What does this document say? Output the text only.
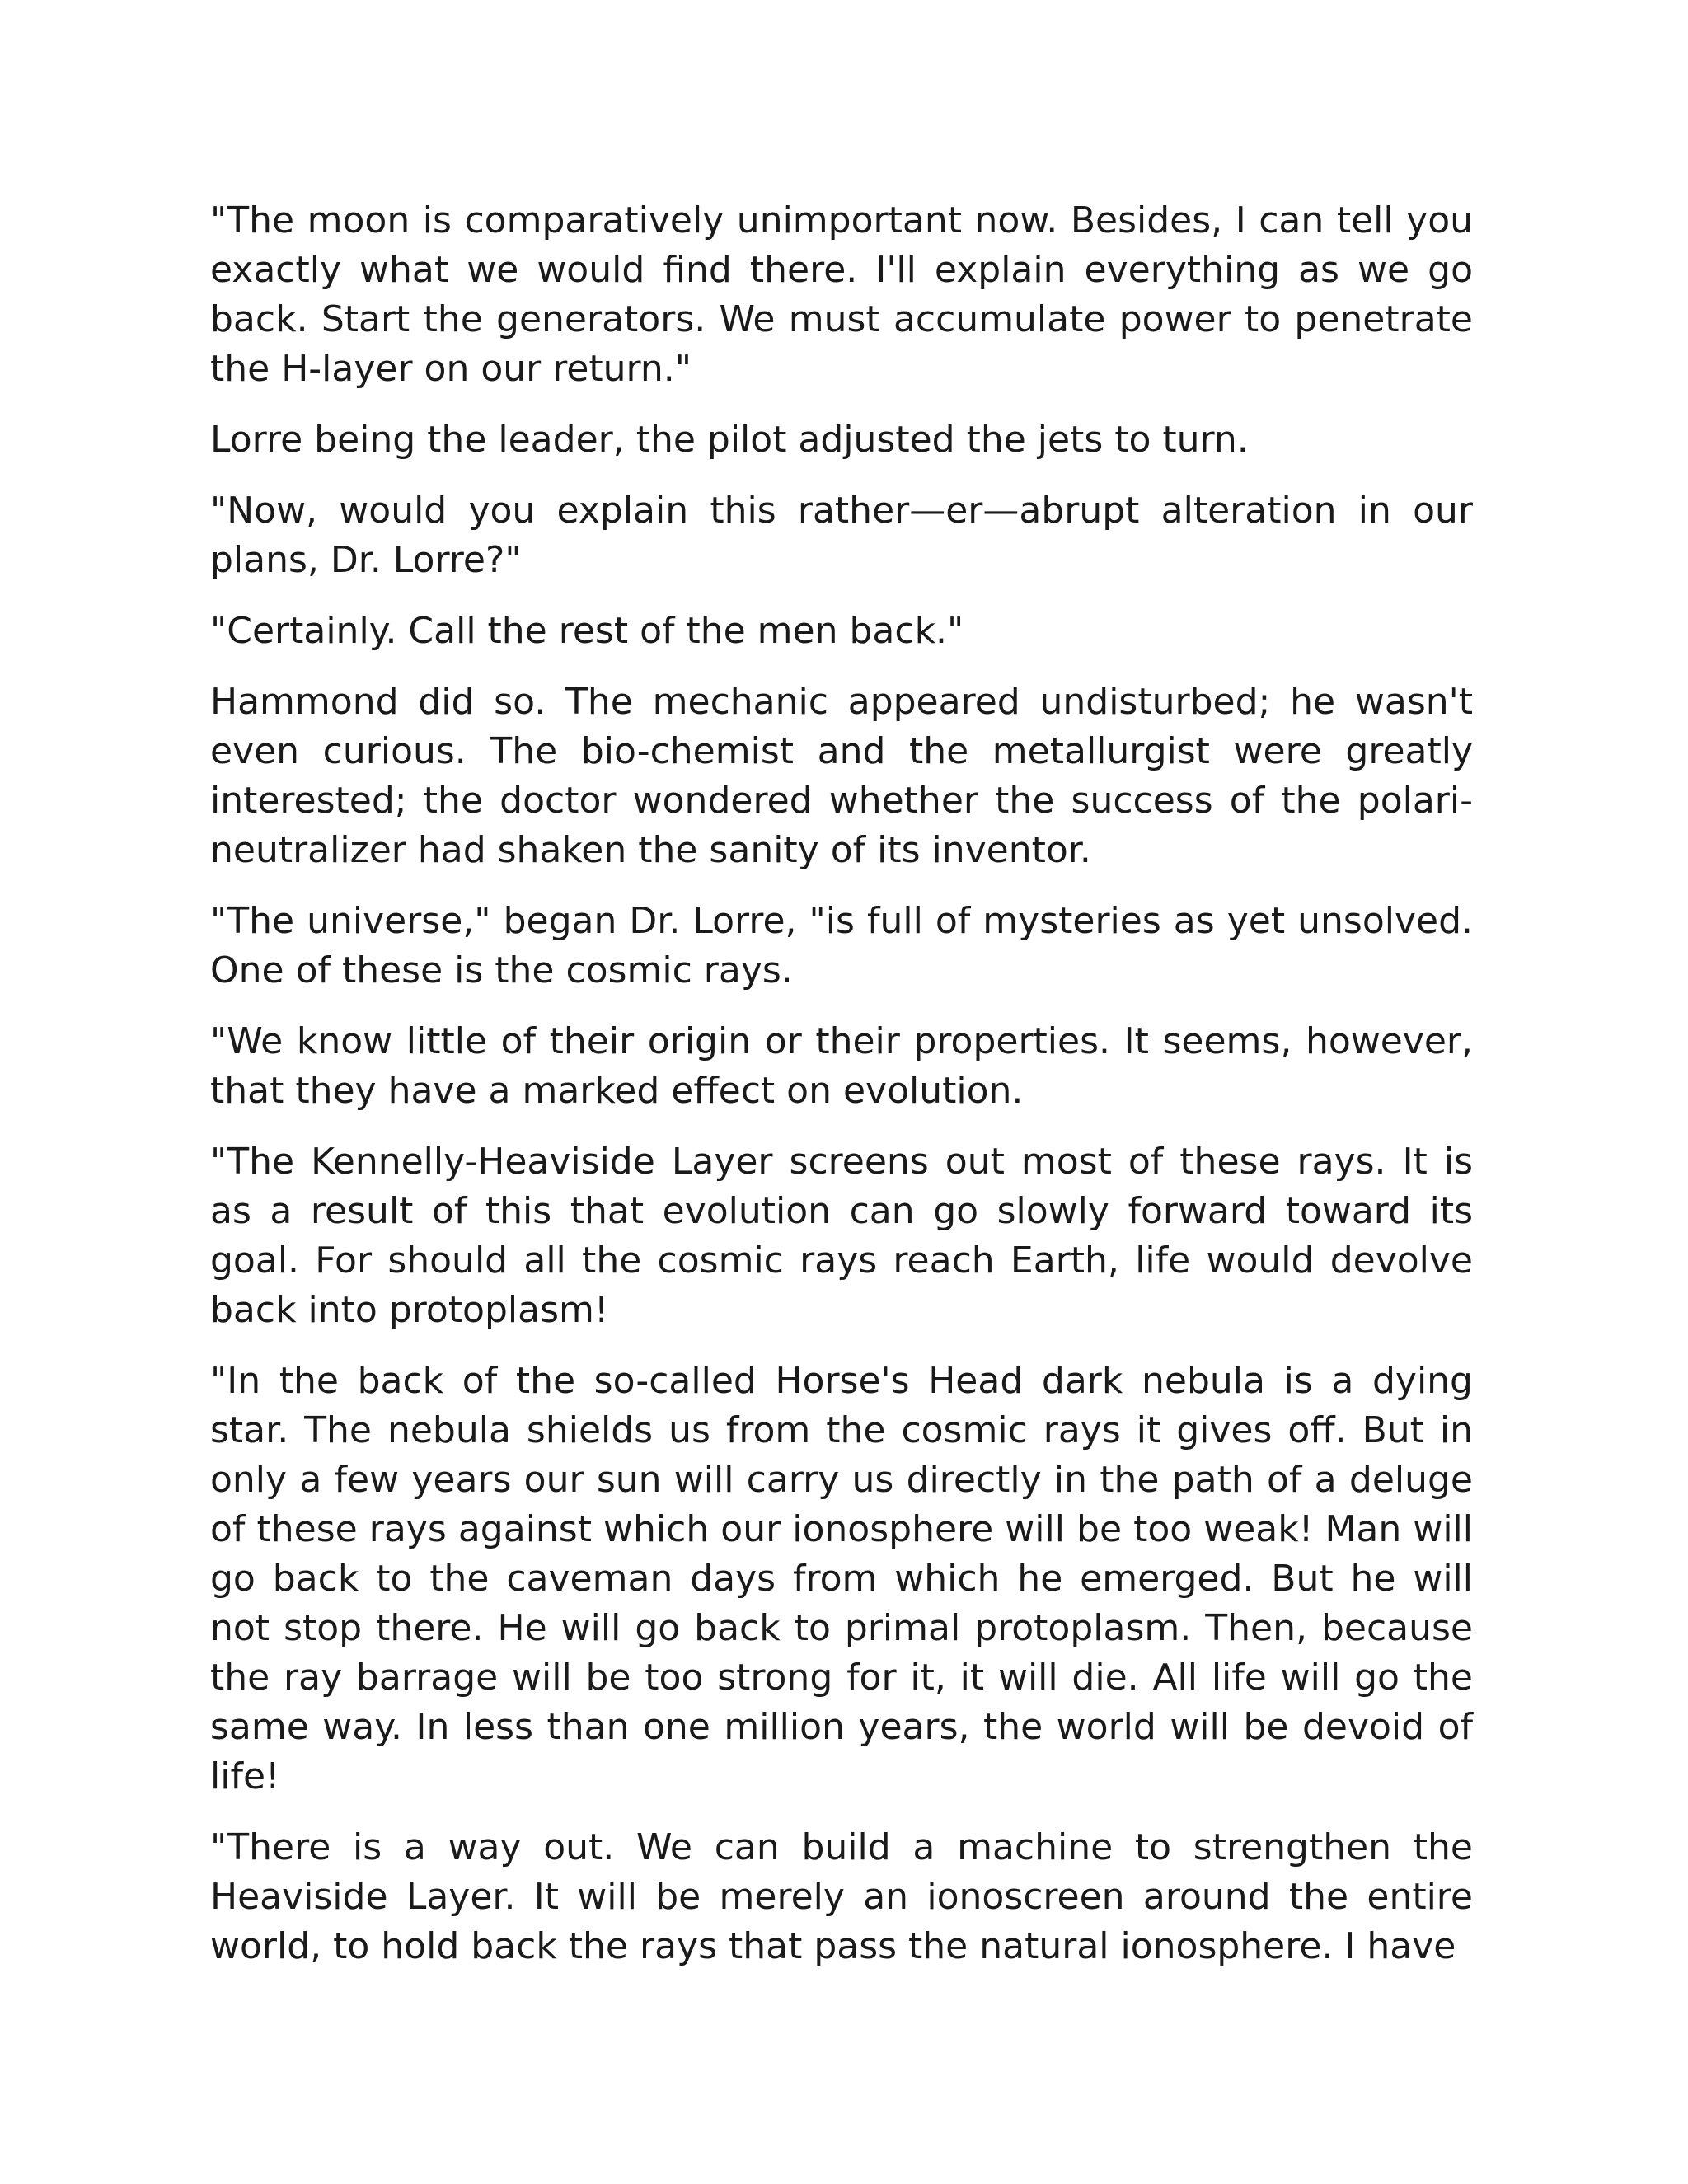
"The moon is comparatively unimportant now. Besides, I can tell you exactly what we would find there. I'll explain everything as we go back. Start the generators. We must accumulate power to penetrate the H-layer on our return."

Lorre being the leader, the pilot adjusted the jets to turn.

"Now, would you explain this rather—er—abrupt alteration in our plans, Dr. Lorre?"

"Certainly. Call the rest of the men back."

Hammond did so. The mechanic appeared undisturbed; he wasn't even curious. The bio-chemist and the metallurgist were greatly interested; the doctor wondered whether the success of the polari-neutralizer had shaken the sanity of its inventor.

"The universe," began Dr. Lorre, "is full of mysteries as yet unsolved. One of these is the cosmic rays.

"We know little of their origin or their properties. It seems, however, that they have a marked effect on evolution.

"The Kennelly-Heaviside Layer screens out most of these rays. It is as a result of this that evolution can go slowly forward toward its goal. For should all the cosmic rays reach Earth, life would devolve back into protoplasm!

"In the back of the so-called Horse's Head dark nebula is a dying star. The nebula shields us from the cosmic rays it gives off. But in only a few years our sun will carry us directly in the path of a deluge of these rays against which our ionosphere will be too weak! Man will go back to the caveman days from which he emerged. But he will not stop there. He will go back to primal protoplasm. Then, because the ray barrage will be too strong for it, it will die. All life will go the same way. In less than one million years, the world will be devoid of life!

"There is a way out. We can build a machine to strengthen the Heaviside Layer. It will be merely an ionoscreen around the entire world, to hold back the rays that pass the natural ionosphere. I have
